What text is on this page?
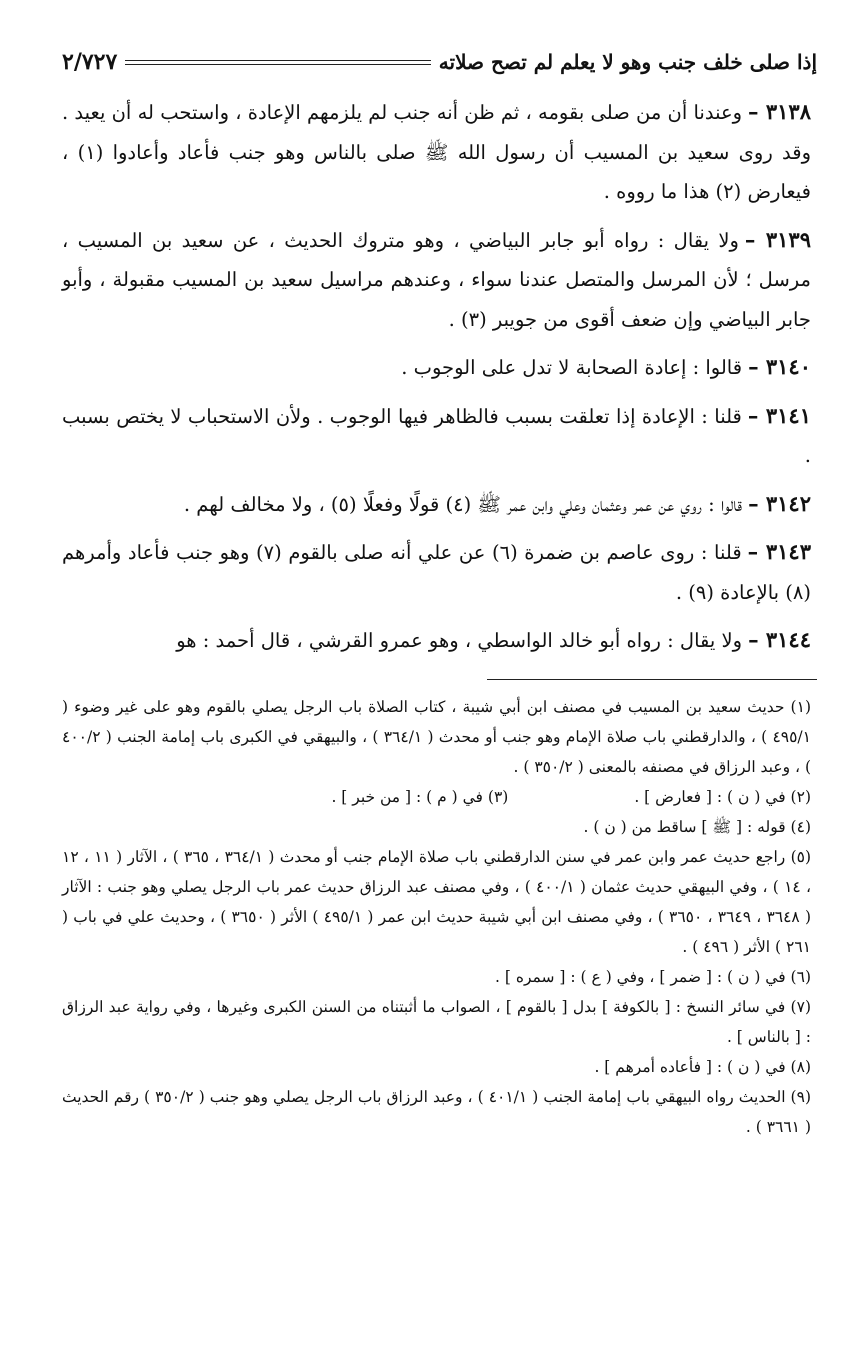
إذا صلى خلف جنب وهو لا يعلم لم تصح صلاته
٢/٧٢٧

٣١٣٨ –وعندنا أن من صلى بقومه ، ثم ظن أنه جنب لم يلزمهم الإعادة ، واستحب له أن يعيد . وقد روى سعيد بن المسيب أن رسول الله ﷺ صلى بالناس وهو جنب فأعاد وأعادوا (١) ، فيعارض (٢) هذا ما رووه .

٣١٣٩ –ولا يقال : رواه أبو جابر البياضي ، وهو متروك الحديث ، عن سعيد بن المسيب ، مرسل ؛ لأن المرسل والمتصل عندنا سواء ، وعندهم مراسيل سعيد بن المسيب مقبولة ، وأبو جابر البياضي وإن ضعف أقوى من جويبر (٣) .

٣١٤٠ –قالوا : إعادة الصحابة لا تدل على الوجوب .

٣١٤١ –قلنا : الإعادة إذا تعلقت بسبب فالظاهر فيها الوجوب . ولأن الاستحباب لا يختص بسبب .

٣١٤٢ –قالوا : روي عن عمر وعثمان وعلي وابن عمر ﷺ (٤) قولًا وفعلًا (٥) ، ولا مخالف لهم .

٣١٤٣ –قلنا : روى عاصم بن ضمرة (٦) عن علي أنه صلى بالقوم (٧) وهو جنب فأعاد وأمرهم (٨) بالإعادة (٩) .

٣١٤٤ –ولا يقال : رواه أبو خالد الواسطي ، وهو عمرو القرشي ، قال أحمد : هو

(١) حديث سعيد بن المسيب في مصنف ابن أبي شيبة ، كتاب الصلاة باب الرجل يصلي بالقوم وهو على غير وضوء ( ٤٩٥/١ ) ، والدارقطني باب صلاة الإمام وهو جنب أو محدث ( ٣٦٤/١ ) ، والبيهقي في الكبرى باب إمامة الجنب ( ٤٠٠/٢ ) ، وعبد الرزاق في مصنفه بالمعنى ( ٣٥٠/٢ ) .

(٢) في ( ن ) : [ فعارض ] .

(٣) في ( م ) : [ من خبر ] .

(٤) قوله : [ ﷺ ] ساقط من ( ن ) .

(٥) راجع حديث عمر وابن عمر في سنن الدارقطني باب صلاة الإمام جنب أو محدث ( ٣٦٤/١ ، ٣٦٥ ) ، الآثار ( ١١ ، ١٢ ، ١٤ ) ، وفي البيهقي حديث عثمان ( ٤٠٠/١ ) ، وفي مصنف عبد الرزاق حديث عمر باب الرجل يصلي وهو جنب : الآثار ( ٣٦٤٨ ، ٣٦٤٩ ، ٣٦٥٠ ) ، وفي مصنف ابن أبي شيبة حديث ابن عمر ( ٤٩٥/١ ) الأثر ( ٣٦٥٠ ) ، وحديث علي في باب ( ٢٦١ ) الأثر ( ٤٩٦ ) .

(٦) في ( ن ) : [ ضمر ] ، وفي ( ع ) : [ سمره ] .

(٧) في سائر النسخ : [ بالكوفة ] بدل [ بالقوم ] ، الصواب ما أثبتناه من السنن الكبرى وغيرها ، وفي رواية عبد الرزاق : [ بالناس ] .

(٨) في ( ن ) : [ فأعاده أمرهم ] .

(٩) الحديث رواه البيهقي باب إمامة الجنب ( ٤٠١/١ ) ، وعبد الرزاق باب الرجل يصلي وهو جنب ( ٣٥٠/٢ ) رقم الحديث ( ٣٦٦١ ) .
